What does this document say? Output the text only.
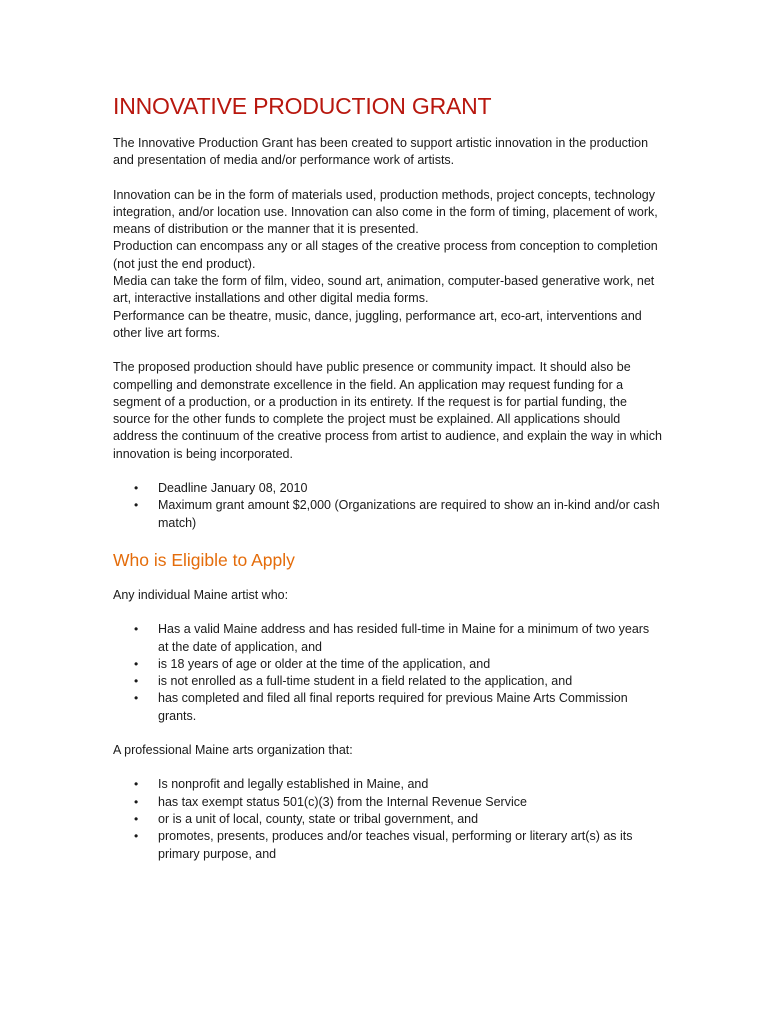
INNOVATIVE PRODUCTION GRANT

The Innovative Production Grant has been created to support artistic innovation in the production and presentation of media and/or performance work of artists.

Innovation can be in the form of materials used, production methods, project concepts, technology integration, and/or location use. Innovation can also come in the form of timing, placement of work, means of distribution or the manner that it is presented.

Production can encompass any or all stages of the creative process from conception to completion (not just the end product).

Media can take the form of film, video, sound art, animation, computer-based generative work, net art, interactive installations and other digital media forms.

Performance can be theatre, music, dance, juggling, performance art, eco-art, interventions and other live art forms.

The proposed production should have public presence or community impact. It should also be compelling and demonstrate excellence in the field. An application may request funding for a segment of a production, or a production in its entirety. If the request is for partial funding, the source for the other funds to complete the project must be explained. All applications should address the continuum of the creative process from artist to audience, and explain the way in which innovation is being incorporated.

•	Deadline January 08, 2010
•	Maximum grant amount $2,000 (Organizations are required to show an in-kind and/or cash match)
Who is Eligible to Apply

Any individual Maine artist who:

•	Has a valid Maine address and has resided full-time in Maine for a minimum of two years at the date of application, and
•	is 18 years of age or older at the time of the application, and
•	is not enrolled as a full-time student in a field related to the application, and
•	has completed and filed all final reports required for previous Maine Arts Commission grants.

A professional Maine arts organization that:

•	Is nonprofit and legally established in Maine, and
•	has tax exempt status 501(c)(3) from the Internal Revenue Service
•	or is a unit of local, county, state or tribal government, and
•	promotes, presents, produces and/or teaches visual, performing or literary art(s) as its primary purpose, and
